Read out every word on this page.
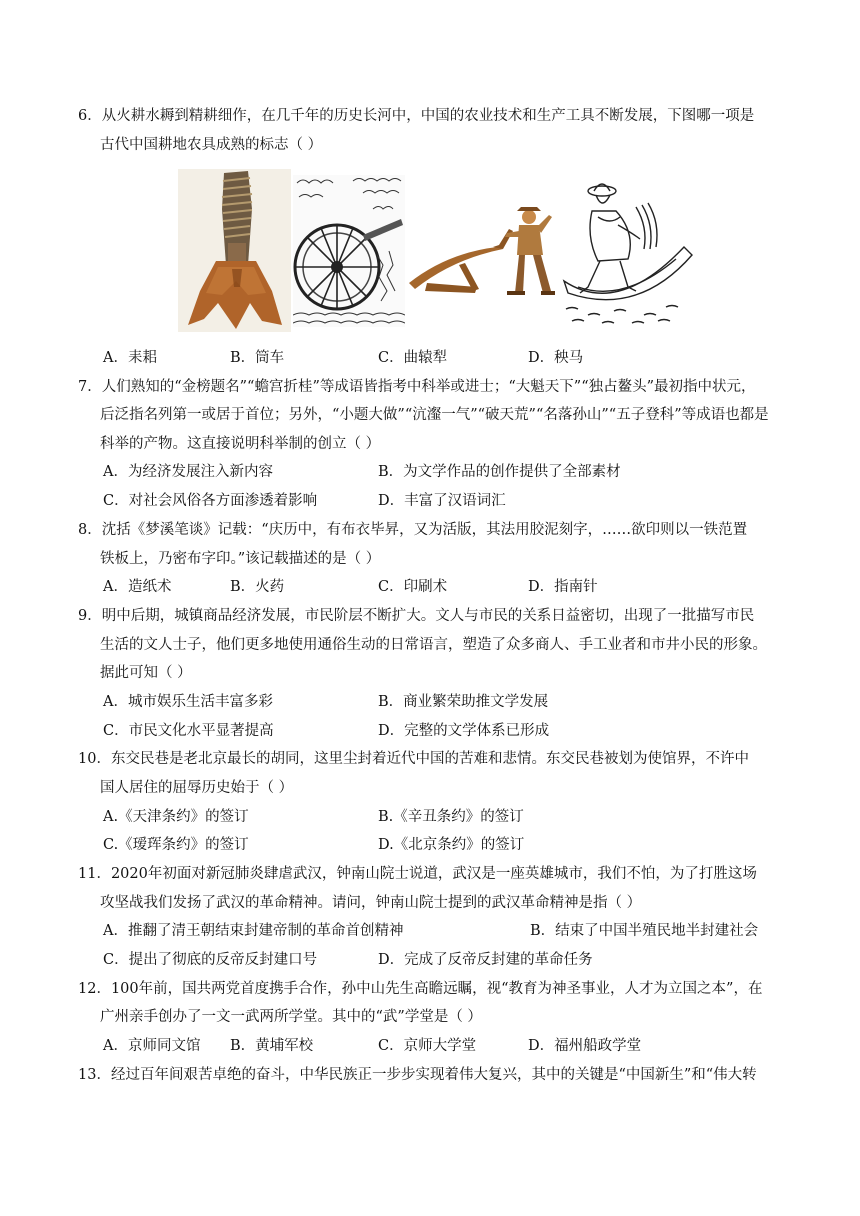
6．从火耕水耨到精耕细作，在几千年的历史长河中，中国的农业技术和生产工具不断发展，下图哪一项是
古代中国耕地农具成熟的标志（ ）
A．耒耜	B．筒车	C．曲辕犁	D．秧马
7．人们熟知的“金榜题名”“蟾宫折桂”等成语皆指考中科举或进士；“大魁天下”“独占鳌头”最初指中状元，
后泛指名列第一或居于首位；另外，“小题大做”“沆瀣一气”“破天荒”“名落孙山”“五子登科”等成语也都是
科举的产物。这直接说明科举制的创立（ ）
A．为经济发展注入新内容	B．为文学作品的创作提供了全部素材
C．对社会风俗各方面渗透着影响	D．丰富了汉语词汇
8．沈括《梦溪笔谈》记载：“庆历中，有布衣毕昇，又为活版，其法用胶泥刻字，……欲印则以一铁范置
铁板上，乃密布字印。”该记载描述的是（ ）
A．造纸术	B．火药	C．印刷术	D．指南针
9．明中后期，城镇商品经济发展，市民阶层不断扩大。文人与市民的关系日益密切，出现了一批描写市民
生活的文人士子，他们更多地使用通俗生动的日常语言，塑造了众多商人、手工业者和市井小民的形象。
据此可知（ ）
A．城市娱乐生活丰富多彩	B．商业繁荣助推文学发展
C．市民文化水平显著提高	D．完整的文学体系已形成
10．东交民巷是老北京最长的胡同，这里尘封着近代中国的苦难和悲情。东交民巷被划为使馆界，不许中
国人居住的屈辱历史始于（ ）
A.《天津条约》的签订	B.《辛丑条约》的签订
C.《瑷珲条约》的签订	D.《北京条约》的签订
11．2020年初面对新冠肺炎肆虐武汉，钟南山院士说道，武汉是一座英雄城市，我们不怕，为了打胜这场
攻坚战我们发扬了武汉的革命精神。请问，钟南山院士提到的武汉革命精神是指（ ）
A．推翻了清王朝结束封建帝制的革命首创精神	B．结束了中国半殖民地半封建社会
C．提出了彻底的反帝反封建口号	D．完成了反帝反封建的革命任务
12．100年前，国共两党首度携手合作，孙中山先生高瞻远瞩，视“教育为神圣事业，人才为立国之本”，在
广州亲手创办了一文一武两所学堂。其中的“武”学堂是（ ）
A．京师同文馆 B．黄埔军校	C．京师大学堂	D．福州船政学堂
13．经过百年间艰苦卓绝的奋斗，中华民族正一步步实现着伟大复兴，其中的关键是“中国新生”和“伟大转
